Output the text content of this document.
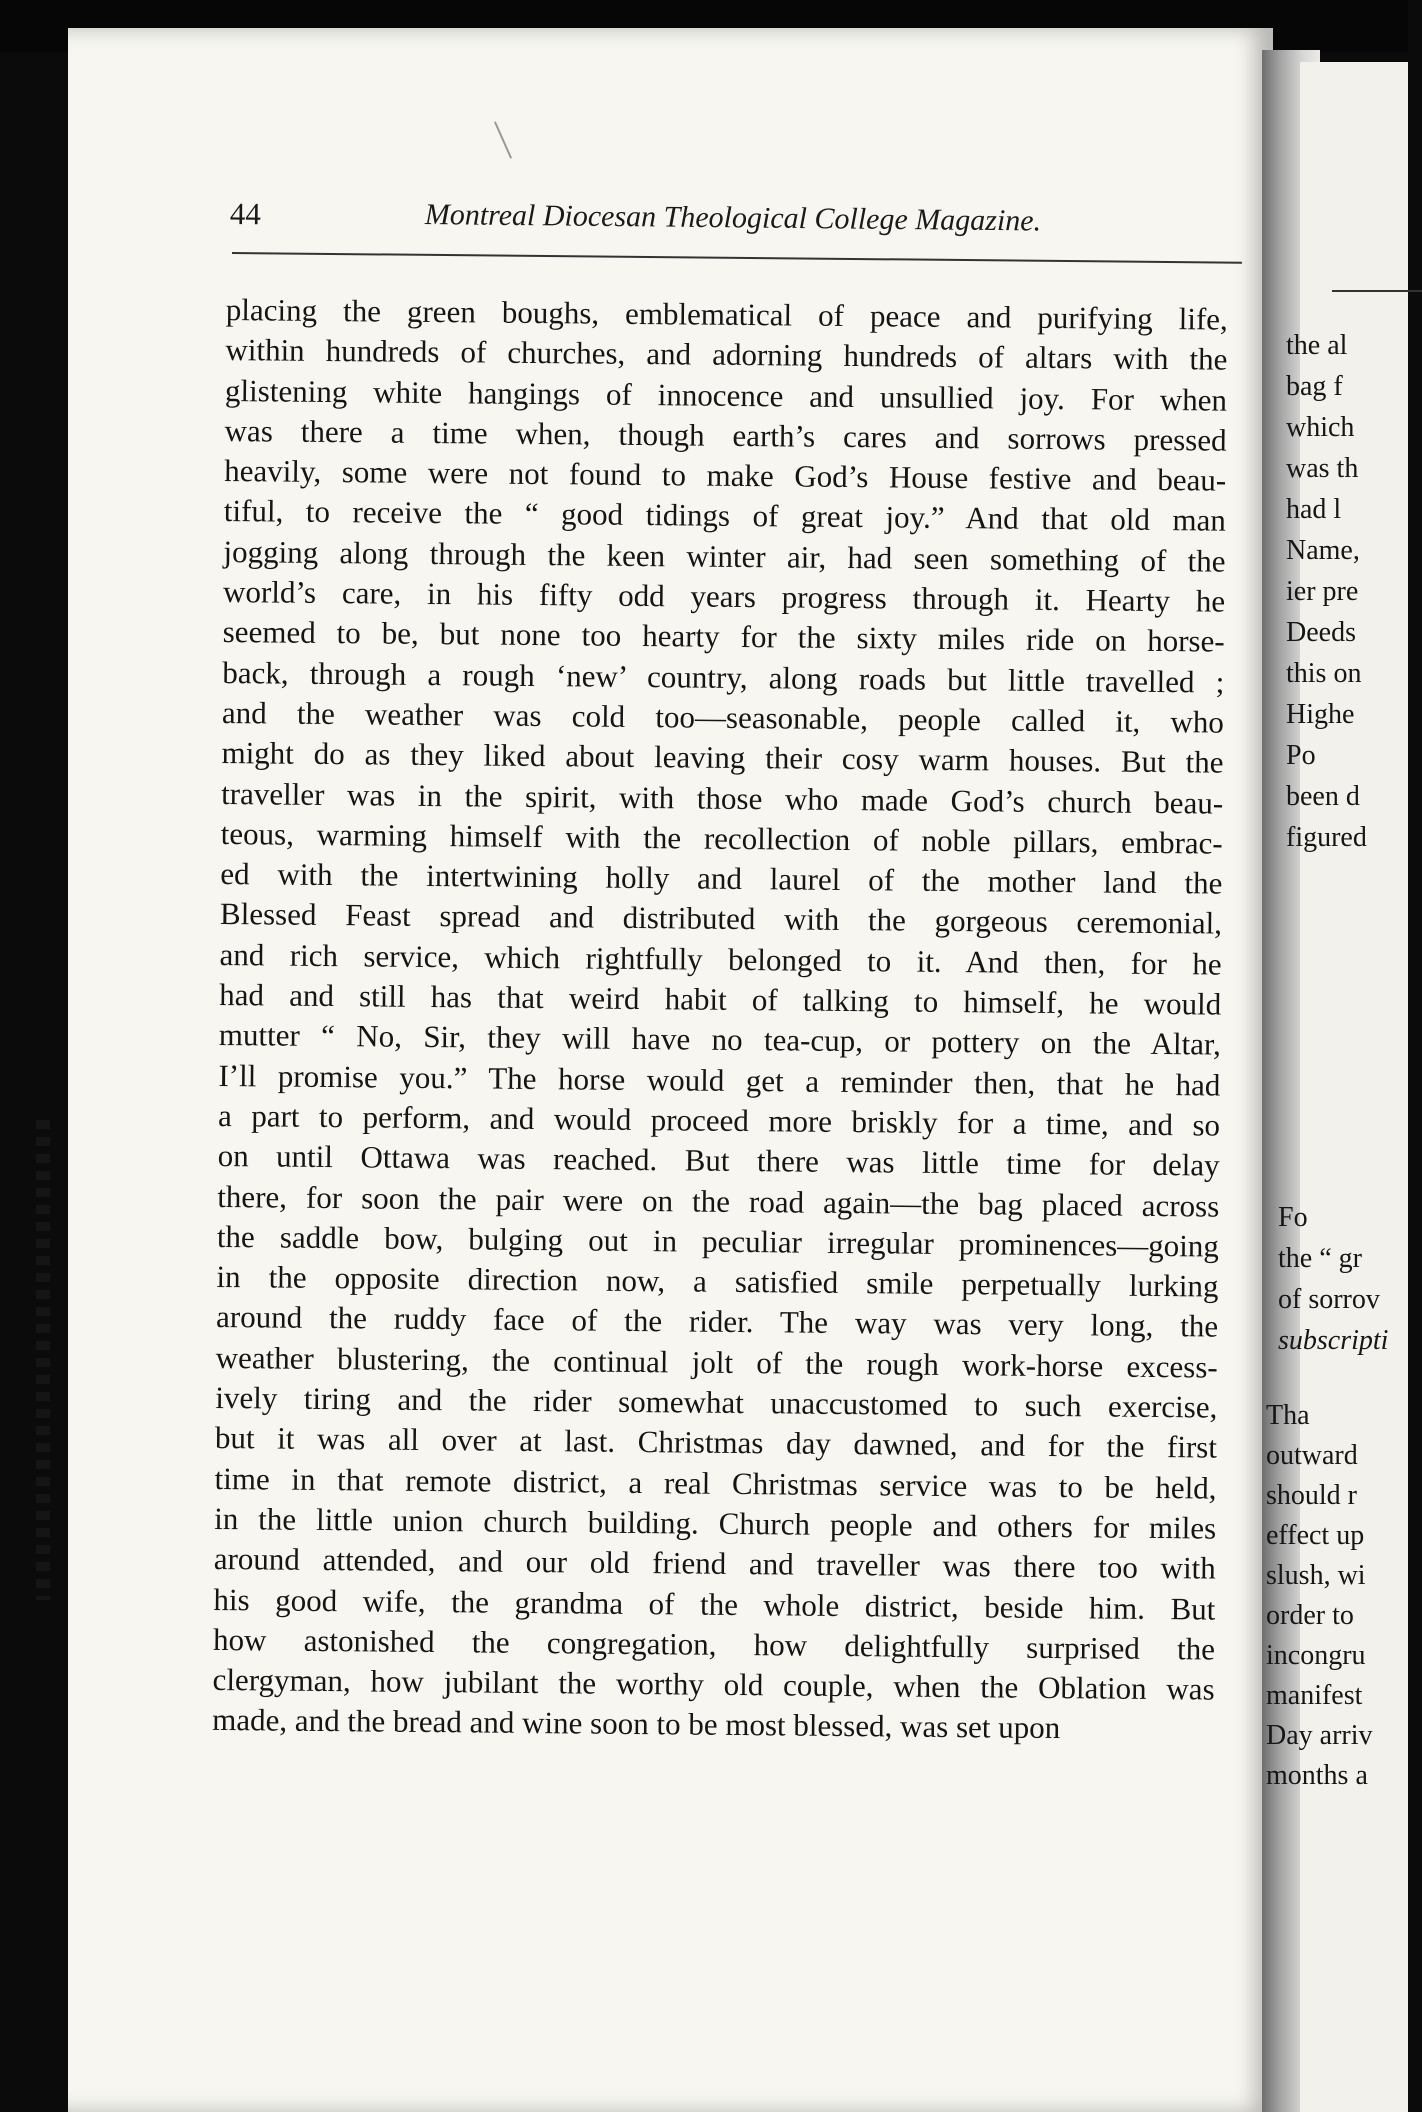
44	Montreal Diocesan Theological College Magazine.
placing the green boughs, emblematical of peace and purifying life,
within hundreds of churches, and adorning hundreds of altars with the
glistening white hangings of innocence and unsullied joy. For when
was there a time when, though earth’s cares and sorrows pressed
heavily, some were not found to make God’s House festive and beau-
tiful, to receive the “ good tidings of great joy.” And that old man
jogging along through the keen winter air, had seen something of the
world’s care, in his fifty odd years progress through it. Hearty he
seemed to be, but none too hearty for the sixty miles ride on horse-
back, through a rough ‘new’ country, along roads but little travelled ;
and the weather was cold too—seasonable, people called it, who
might do as they liked about leaving their cosy warm houses. But the
traveller was in the spirit, with those who made God’s church beau-
teous, warming himself with the recollection of noble pillars, embrac-
ed with the intertwining holly and laurel of the mother land the
Blessed Feast spread and distributed with the gorgeous ceremonial,
and rich service, which rightfully belonged to it. And then, for he
had and still has that weird habit of talking to himself, he would
mutter “ No, Sir, they will have no tea-cup, or pottery on the Altar,
I’ll promise you.” The horse would get a reminder then, that he had
a part to perform, and would proceed more briskly for a time, and so
on until Ottawa was reached. But there was little time for delay
there, for soon the pair were on the road again—the bag placed across
the saddle bow, bulging out in peculiar irregular prominences—going
in the opposite direction now, a satisfied smile perpetually lurking
around the ruddy face of the rider. The way was very long, the
weather blustering, the continual jolt of the rough work-horse excess-
ively tiring and the rider somewhat unaccustomed to such exercise,
but it was all over at last. Christmas day dawned, and for the first
time in that remote district, a real Christmas service was to be held,
in the little union church building. Church people and others for miles
around attended, and our old friend and traveller was there too with
his good wife, the grandma of the whole district, beside him. But
how astonished the congregation, how delightfully surprised the
clergyman, how jubilant the worthy old couple, when the Oblation was
made, and the bread and wine soon to be most blessed, was set upon
the al
bag f
which
was th
had l
Name,
ier pre
Deeds
this on
Highe
Po
been d
figured
Fo
the “ gr
of sorrov
subscripti
Tha
outward
should r
effect up
slush, wi
order to
incongru
manifest
Day arriv
months a
